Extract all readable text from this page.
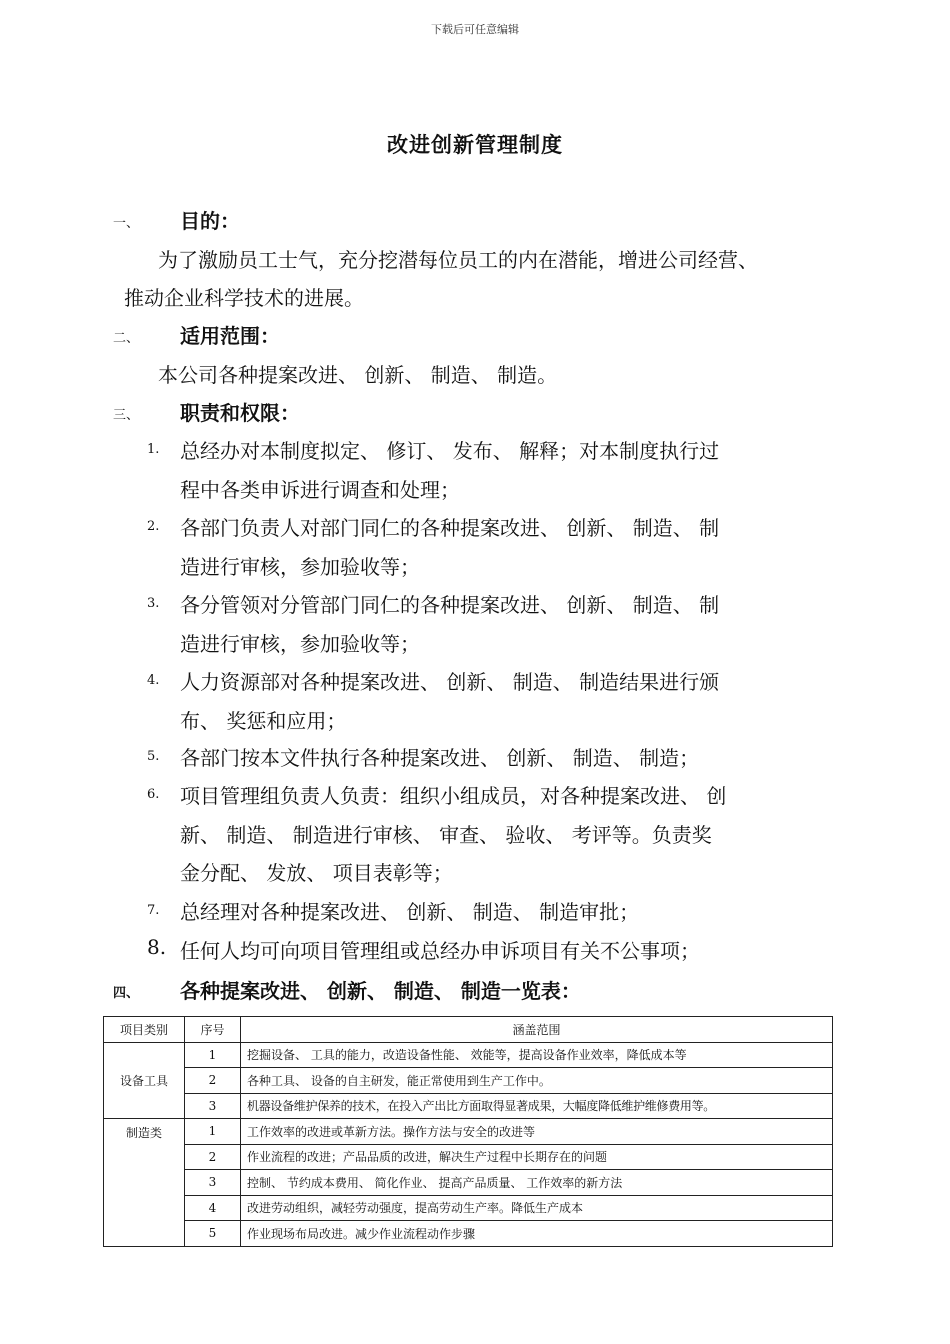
下载后可任意编辑
改进创新管理制度
一、 目的：
为了激励员工士气，充分挖潜每位员工的内在潜能，增进公司经营、
推动企业科学技术的进展。
二、 适用范围：
本公司各种提案改进、 创新、 制造、 制造。
三、 职责和权限：
1. 总经办对本制度拟定、 修订、 发布、 解释；对本制度执行过
程中各类申诉进行调查和处理；
2. 各部门负责人对部门同仁的各种提案改进、 创新、 制造、 制
造进行审核，参加验收等；
3. 各分管领对分管部门同仁的各种提案改进、 创新、 制造、 制
造进行审核，参加验收等；
4. 人力资源部对各种提案改进、 创新、 制造、 制造结果进行颁
布、 奖惩和应用；
5. 各部门按本文件执行各种提案改进、 创新、 制造、 制造；
6. 项目管理组负责人负责：组织小组成员，对各种提案改进、 创
新、 制造、 制造进行审核、 审查、 验收、 考评等。负责奖
金分配、 发放、 项目表彰等；
7. 总经理对各种提案改进、 创新、 制造、 制造审批；
8. 任何人均可向项目管理组或总经办申诉项目有关不公事项；
四、 各种提案改进、 创新、 制造、 制造一览表：
项目类别	序号	涵盖范围
设备工具	1	挖掘设备、 工具的能力，改造设备性能、 效能等，提高设备作业效率，降低成本等
	2	各种工具、 设备的自主研发，能正常使用到生产工作中。
	3	机器设备维护保养的技术，在投入产出比方面取得显著成果，大幅度降低维护维修费用等。
制造类	1	工作效率的改进或革新方法。操作方法与安全的改进等
	2	作业流程的改进；产品品质的改进，解决生产过程中长期存在的问题
	3	控制、 节约成本费用、 简化作业、 提高产品质量、 工作效率的新方法
	4	改进劳动组织，减轻劳动强度，提高劳动生产率。降低生产成本
	5	作业现场布局改进。减少作业流程动作步骤
